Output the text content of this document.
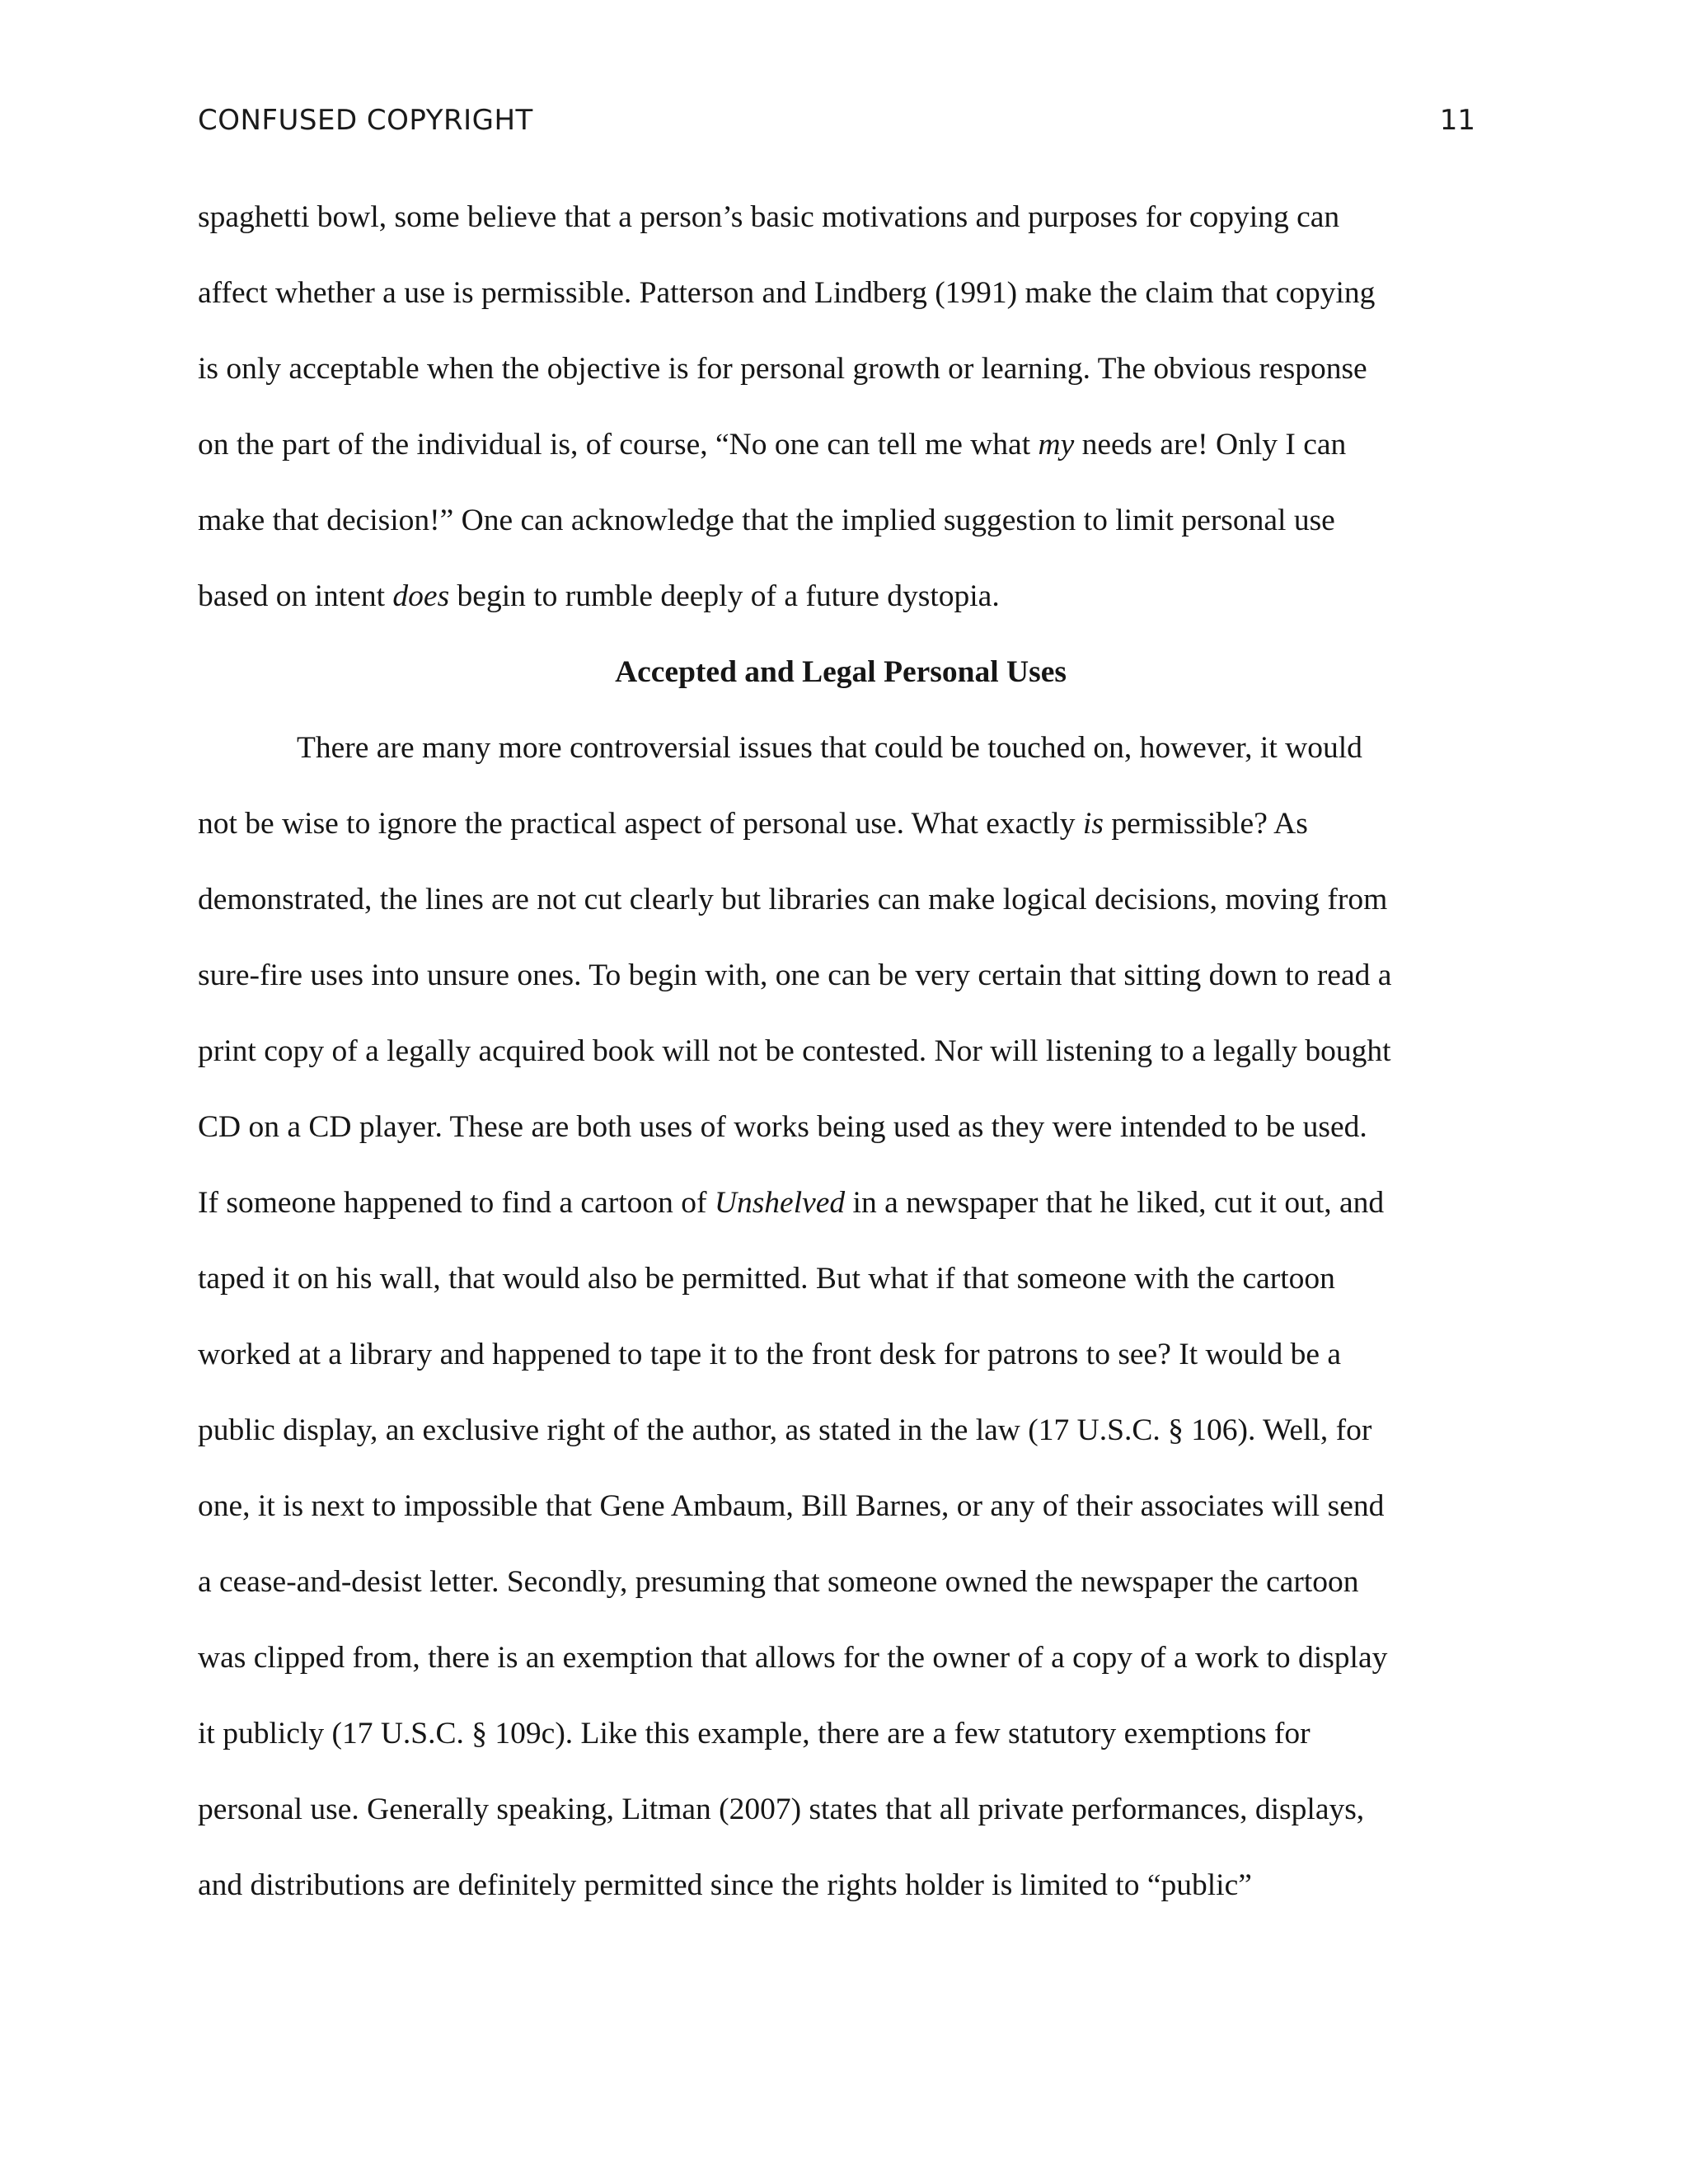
CONFUSED COPYRIGHT	11
spaghetti bowl, some believe that a person’s basic motivations and purposes for copying can
affect whether a use is permissible. Patterson and Lindberg (1991) make the claim that copying
is only acceptable when the objective is for personal growth or learning. The obvious response
on the part of the individual is, of course, “No one can tell me what my needs are! Only I can
make that decision!” One can acknowledge that the implied suggestion to limit personal use
based on intent does begin to rumble deeply of a future dystopia.
Accepted and Legal Personal Uses
There are many more controversial issues that could be touched on, however, it would
not be wise to ignore the practical aspect of personal use. What exactly is permissible? As
demonstrated, the lines are not cut clearly but libraries can make logical decisions, moving from
sure-fire uses into unsure ones. To begin with, one can be very certain that sitting down to read a
print copy of a legally acquired book will not be contested. Nor will listening to a legally bought
CD on a CD player. These are both uses of works being used as they were intended to be used.
If someone happened to find a cartoon of Unshelved in a newspaper that he liked, cut it out, and
taped it on his wall, that would also be permitted. But what if that someone with the cartoon
worked at a library and happened to tape it to the front desk for patrons to see? It would be a
public display, an exclusive right of the author, as stated in the law (17 U.S.C. § 106). Well, for
one, it is next to impossible that Gene Ambaum, Bill Barnes, or any of their associates will send
a cease-and-desist letter. Secondly, presuming that someone owned the newspaper the cartoon
was clipped from, there is an exemption that allows for the owner of a copy of a work to display
it publicly (17 U.S.C. § 109c). Like this example, there are a few statutory exemptions for
personal use. Generally speaking, Litman (2007) states that all private performances, displays,
and distributions are definitely permitted since the rights holder is limited to “public”
